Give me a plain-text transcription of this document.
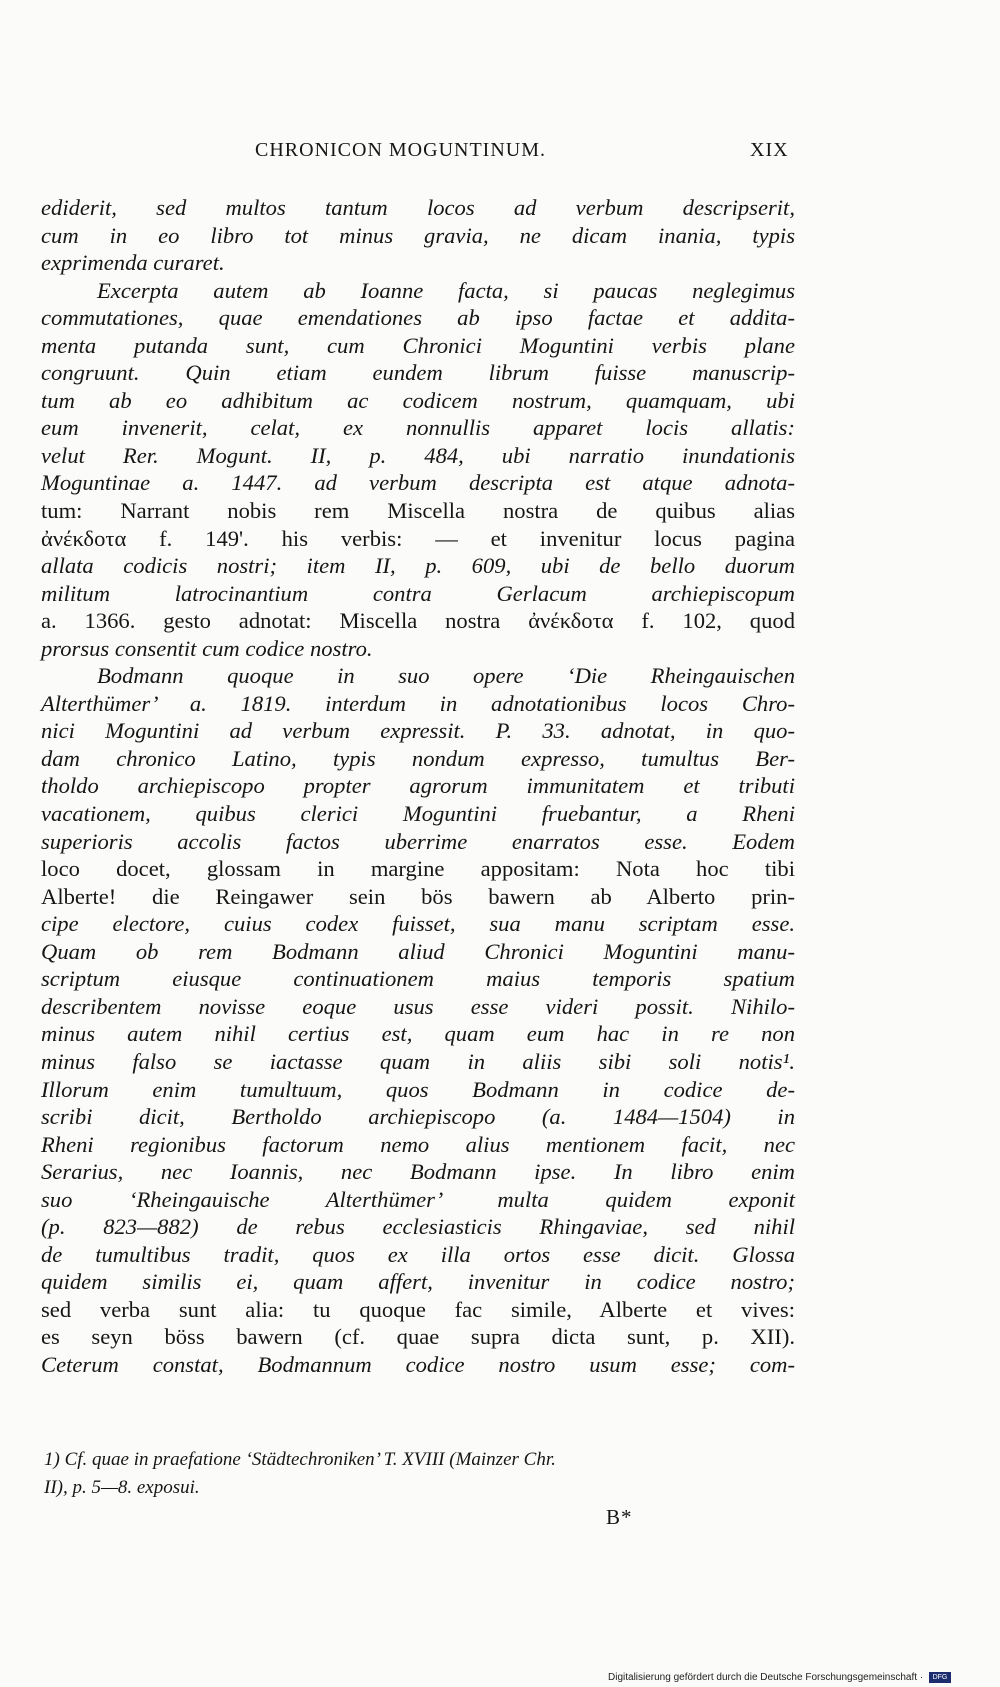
CHRONICON MOGUNTINUM.	XIX
ediderit, sed multos tantum locos ad verbum descripserit,
cum in eo libro tot minus gravia, ne dicam inania, typis
exprimenda curaret.
Excerpta autem ab Ioanne facta, si paucas neglegimus
commutationes, quae emendationes ab ipso factae et addita-
menta putanda sunt, cum Chronici Moguntini verbis plane
congruunt. Quin etiam eundem librum fuisse manuscrip-
tum ab eo adhibitum ac codicem nostrum, quamquam, ubi
eum invenerit, celat, ex nonnullis apparet locis allatis:
velut Rer. Mogunt. II, p. 484, ubi narratio inundationis
Moguntinae a. 1447. ad verbum descripta est atque adnota-
tum: Narrant nobis rem Miscella nostra de quibus alias
ἀνέκδοτα f. 149'. his verbis: — et invenitur locus pagina
allata codicis nostri; item II, p. 609, ubi de bello duorum
militum latrocinantium contra Gerlacum archiepiscopum
a. 1366. gesto adnotat: Miscella nostra ἀνέκδοτα f. 102, quod
prorsus consentit cum codice nostro.
Bodmann quoque in suo opere ‘Die Rheingauischen
Alterthümer’ a. 1819. interdum in adnotationibus locos Chro-
nici Moguntini ad verbum expressit. P. 33. adnotat, in quo-
dam chronico Latino, typis nondum expresso, tumultus Ber-
tholdo archiepiscopo propter agrorum immunitatem et tributi
vacationem, quibus clerici Moguntini fruebantur, a Rheni
superioris accolis factos uberrime enarratos esse. Eodem
loco docet, glossam in margine appositam: Nota hoc tibi
Alberte! die Reingawer sein bös bawern ab Alberto prin-
cipe electore, cuius codex fuisset, sua manu scriptam esse.
Quam ob rem Bodmann aliud Chronici Moguntini manu-
scriptum eiusque continuationem maius temporis spatium
describentem novisse eoque usus esse videri possit. Nihilo-
minus autem nihil certius est, quam eum hac in re non
minus falso se iactasse quam in aliis sibi soli notis¹.
Illorum enim tumultuum, quos Bodmann in codice de-
scribi dicit, Bertholdo archiepiscopo (a. 1484—1504) in
Rheni regionibus factorum nemo alius mentionem facit, nec
Serarius, nec Ioannis, nec Bodmann ipse. In libro enim
suo ‘Rheingauische Alterthümer’ multa quidem exponit
(p. 823—882) de rebus ecclesiasticis Rhingaviae, sed nihil
de tumultibus tradit, quos ex illa ortos esse dicit. Glossa
quidem similis ei, quam affert, invenitur in codice nostro;
sed verba sunt alia: tu quoque fac simile, Alberte et vives:
es seyn böss bawern (cf. quae supra dicta sunt, p. XII).
Ceterum constat, Bodmannum codice nostro usum esse; com-
1) Cf. quae in praefatione ‘Städtechroniken’ T. XVIII (Mainzer Chr.
II), p. 5—8. exposui.
B*
Digitalisierung gefördert durch die Deutsche Forschungsgemeinschaft · DFG
